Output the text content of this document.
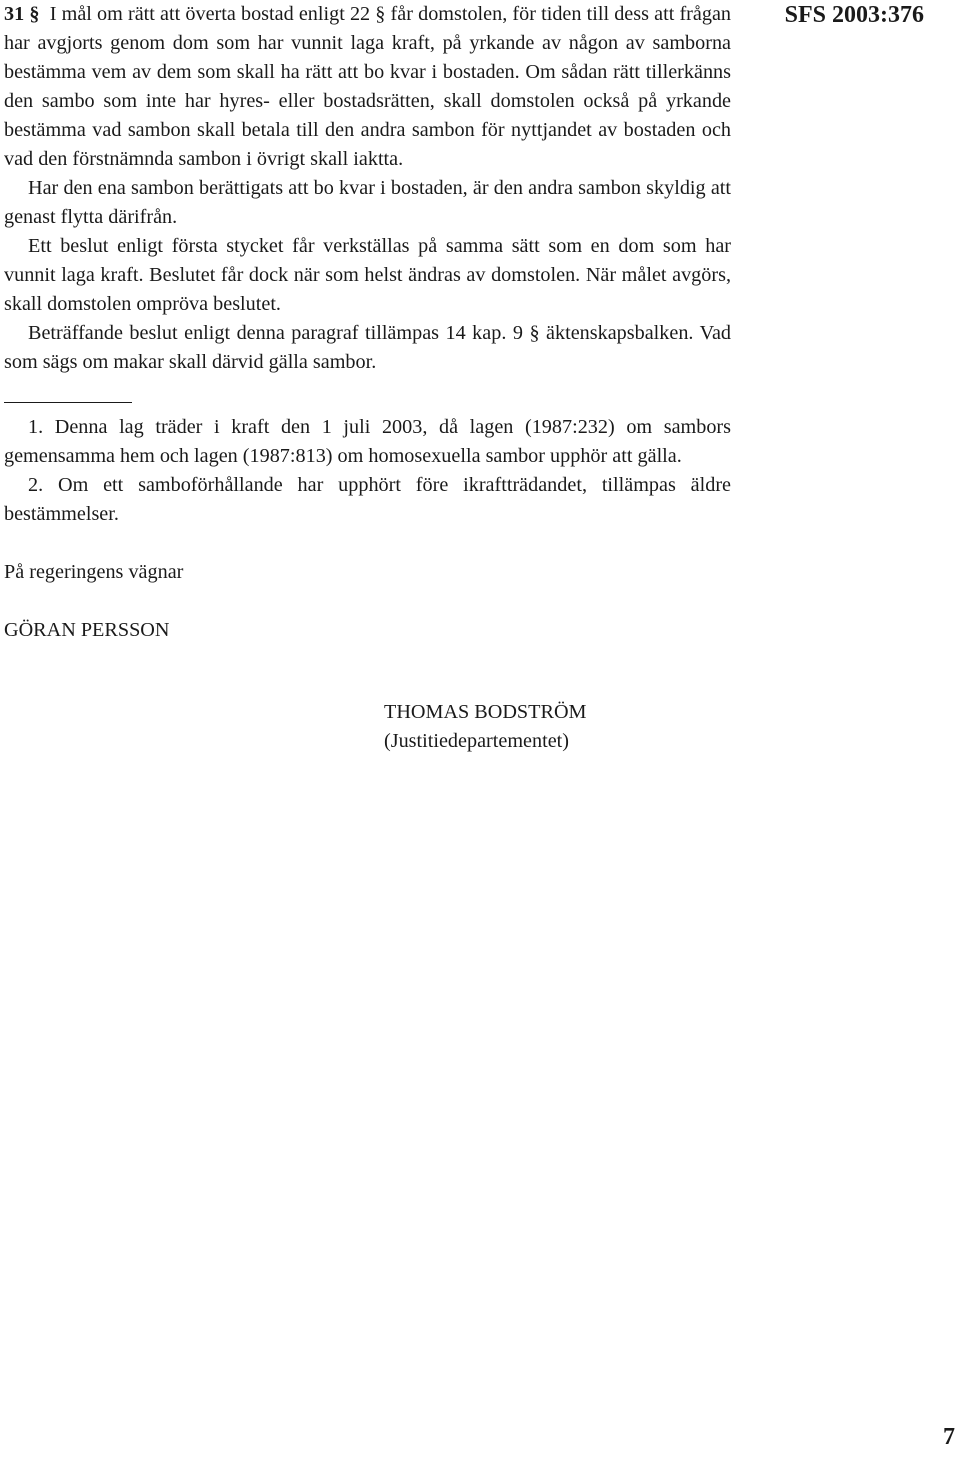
SFS 2003:376

31 § I mål om rätt att överta bostad enligt 22 § får domstolen, för tiden till dess att frågan har avgjorts genom dom som har vunnit laga kraft, på yrkande av någon av samborna bestämma vem av dem som skall ha rätt att bo kvar i bostaden. Om sådan rätt tillerkänns den sambo som inte har hyres- eller bostadsrätten, skall domstolen också på yrkande bestämma vad sambon skall betala till den andra sambon för nyttjandet av bostaden och vad den förstnämnda sambon i övrigt skall iaktta.

Har den ena sambon berättigats att bo kvar i bostaden, är den andra sambon skyldig att genast flytta därifrån.

Ett beslut enligt första stycket får verkställas på samma sätt som en dom som har vunnit laga kraft. Beslutet får dock när som helst ändras av domstolen. När målet avgörs, skall domstolen ompröva beslutet.

Beträffande beslut enligt denna paragraf tillämpas 14 kap. 9 § äktenskapsbalken. Vad som sägs om makar skall därvid gälla sambor.

1. Denna lag träder i kraft den 1 juli 2003, då lagen (1987:232) om sambors gemensamma hem och lagen (1987:813) om homosexuella sambor upphör att gälla.

2. Om ett samboförhållande har upphört före ikraftträdandet, tillämpas äldre bestämmelser.

På regeringens vägnar
GÖRAN PERSSON
THOMAS BODSTRÖM
(Justitiedepartementet)
7
